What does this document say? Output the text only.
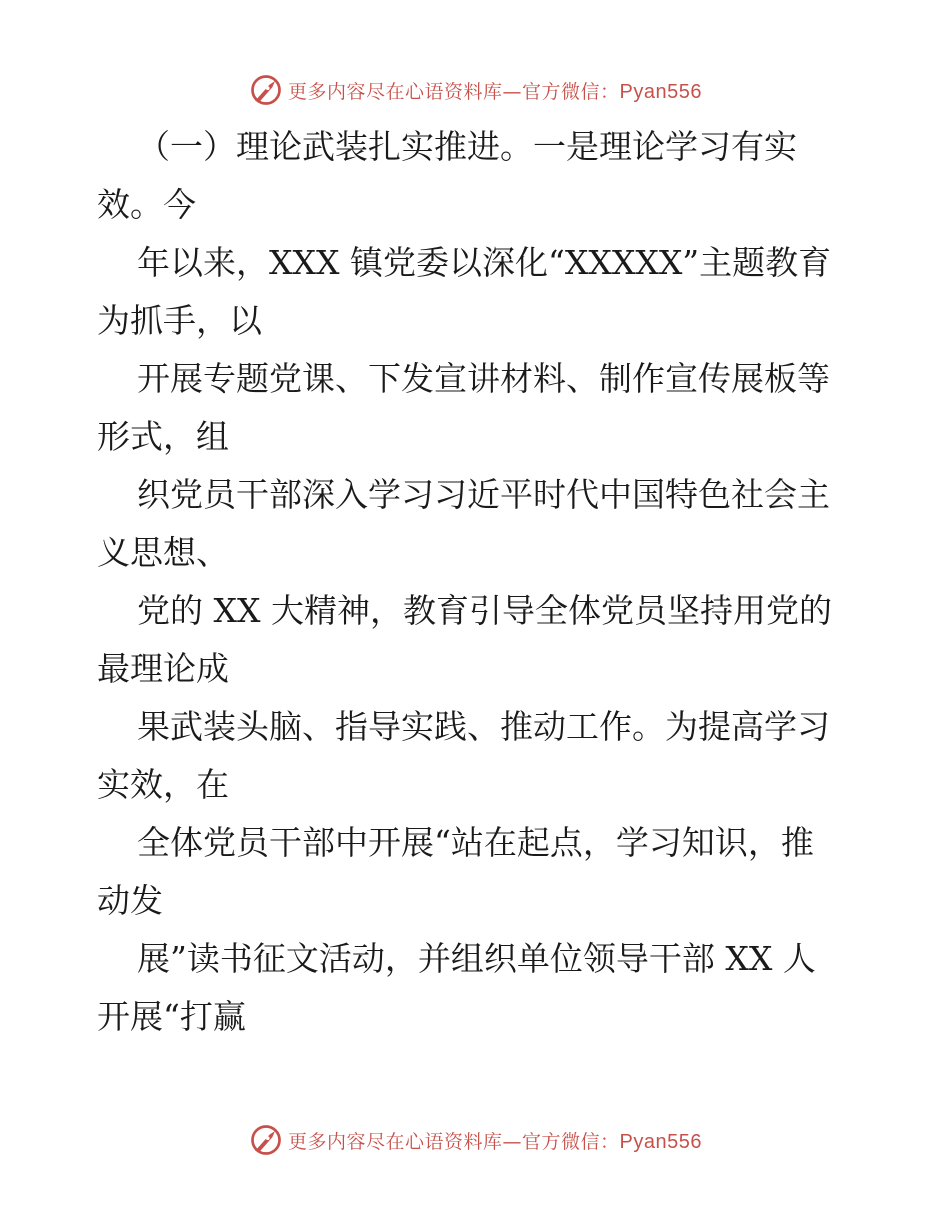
更多内容尽在心语资料库—官方微信：Pyan556

（一）理论武装扎实推进。一是理论学习有实

效。今

年以来，XXX 镇党委以深化“XXXXX”主题教育

为抓手，以

开展专题党课、下发宣讲材料、制作宣传展板等

形式，组

织党员干部深入学习习近平时代中国特色社会主

义思想、

党的 XX 大精神，教育引导全体党员坚持用党的

最理论成

果武装头脑、指导实践、推动工作。为提高学习

实效，在

全体党员干部中开展“站在起点，学习知识，推

动发

展”读书征文活动，并组织单位领导干部 XX 人

开展“打赢

更多内容尽在心语资料库—官方微信：Pyan556
